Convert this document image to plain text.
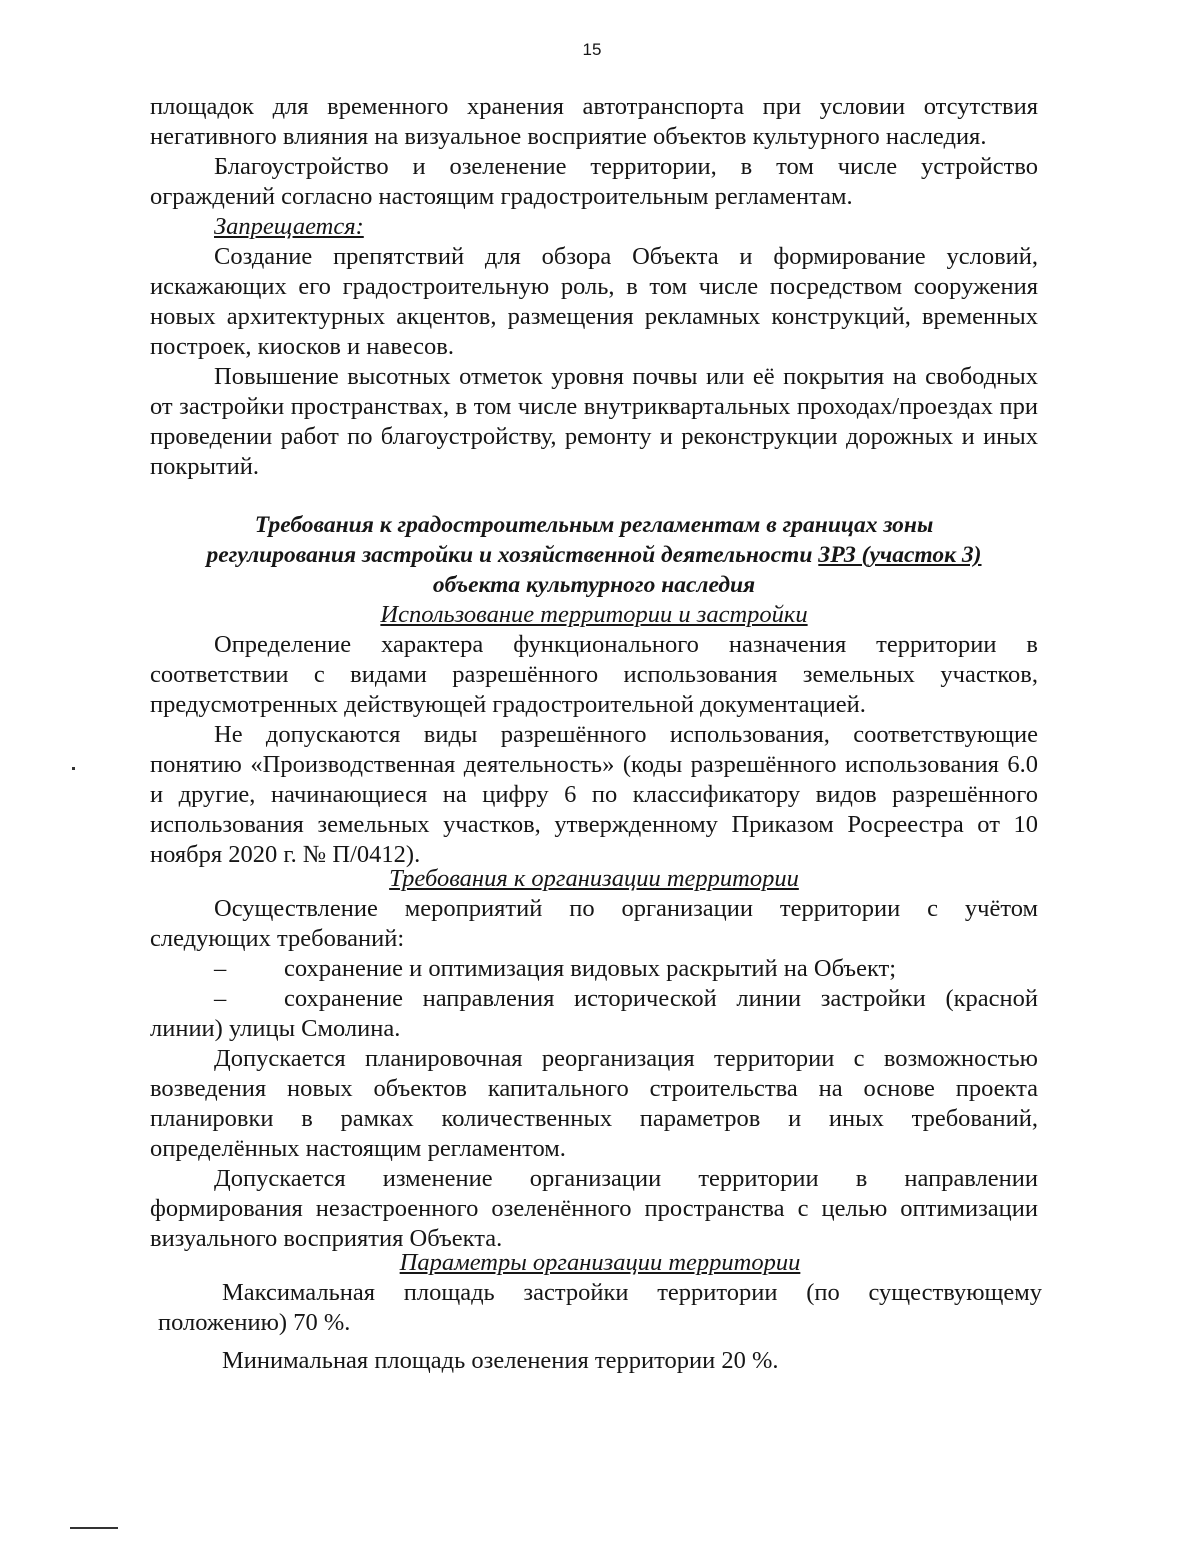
15

площадок для временного хранения автотранспорта при условии отсутствия негативного влияния на визуальное восприятие объектов культурного наследия.

Благоустройство и озеленение территории, в том числе устройство ограждений согласно настоящим градостроительным регламентам.

Запрещается:

Создание препятствий для обзора Объекта и формирование условий, искажающих его градостроительную роль, в том числе посредством сооружения новых архитектурных акцентов, размещения рекламных конструкций, временных построек, киосков и навесов.

Повышение высотных отметок уровня почвы или её покрытия на свободных от застройки пространствах, в том числе внутриквартальных проходах/проездах при проведении работ по благоустройству, ремонту и реконструкции дорожных и иных покрытий.

Требования к градостроительным регламентам в границах зоны

регулирования застройки и хозяйственной деятельности ЗРЗ (участок 3)

объекта культурного наследия

Использование территории и застройки

Определение характера функционального назначения территории в соответствии с видами разрешённого использования земельных участков, предусмотренных действующей градостроительной документацией.

Не допускаются виды разрешённого использования, соответствующие понятию «Производственная деятельность» (коды разрешённого использования 6.0 и другие, начинающиеся на цифру 6 по классификатору видов разрешённого использования земельных участков, утвержденному Приказом Росреестра от 10 ноября 2020 г. № П/0412).

Требования к организации территории

Осуществление мероприятий по организации территории с учётом следующих требований:

– сохранение и оптимизация видовых раскрытий на Объект;

– сохранение направления исторической линии застройки (красной линии) улицы Смолина.

Допускается планировочная реорганизация территории с возможностью возведения новых объектов капитального строительства на основе проекта планировки в рамках количественных параметров и иных требований, определённых настоящим регламентом.

Допускается изменение организации территории в направлении формирования незастроенного озеленённого пространства с целью оптимизации визуального восприятия Объекта.

Параметры организации территории

Максимальная площадь застройки территории (по существующему положению) 70 %.

Минимальная площадь озеленения территории 20 %.
